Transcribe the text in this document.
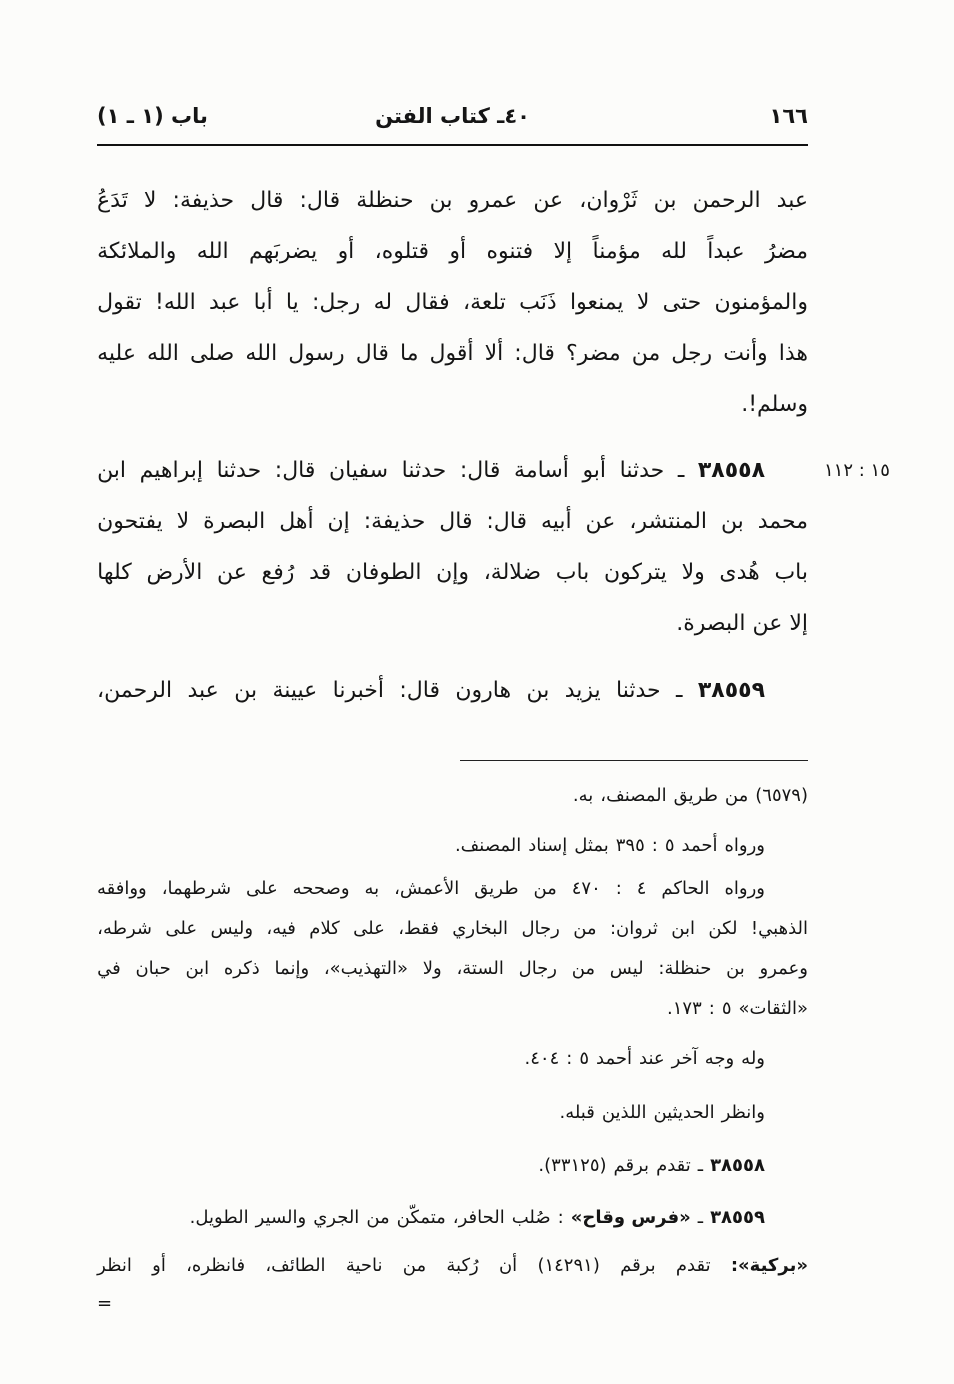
١٦٦
٤٠ـ كتاب الفتن
باب (١ ـ ١)
عبد
الرحمن
بن
ثَرْوان،
عن
عمرو
بن
حنظلة
قال:
قال
حذيفة:
لا
تَدَعُ
مضرُ
عبداً
لله
مؤمناً
إلا
فتنوه
أو
قتلوه،
أو
يضربَهم
الله
والملائكة
والمؤمنون
حتى
لا
يمنعوا
ذَنَب
تلعة،
فقال
له
رجل:
يا
أبا
عبد
الله!
تقول
هذا
وأنت
رجل
من
مضر؟
قال:
ألا
أقول
ما
قال
رسول
الله
صلى
الله
عليه
وسلم!.
١٥ : ١١٢
٣٨٥٥٨
ـ
حدثنا
أبو
أسامة
قال:
حدثنا
سفيان
قال:
حدثنا
إبراهيم
ابن
محمد
بن
المنتشر،
عن
أبيه
قال:
قال
حذيفة:
إن
أهل
البصرة
لا
يفتحون
باب
هُدى
ولا
يتركون
باب
ضلالة،
وإن
الطوفان
قد
رُفع
عن
الأرض
كلها
إلا
عن
البصرة.
٣٨٥٥٩
ـ
حدثنا
يزيد
بن
هارون
قال:
أخبرنا
عيينة
بن
عبد
الرحمن،
(٦٥٧٩)
من
طريق
المصنف،
به.
ورواه
أحمد
٥
:
٣٩٥
بمثل
إسناد
المصنف.
ورواه
الحاكم
٤
:
٤٧٠
من
طريق
الأعمش،
به
وصححه
على
شرطهما،
ووافقه
الذهبي!
لكن
ابن
ثروان:
من
رجال
البخاري
فقط،
على
كلام
فيه،
وليس
على
شرطه،
وعمرو
بن
حنظلة:
ليس
من
رجال
الستة،
ولا
«التهذيب»،
وإنما
ذكره
ابن
حبان
في
«الثقات»
٥
:
١٧٣.
وله
وجه
آخر
عند
أحمد
٥
:
٤٠٤.
وانظر
الحديثين
اللذين
قبله.
٣٨٥٥٨
ـ
تقدم
برقم
(٣٣١٢٥).
٣٨٥٥٩
ـ
«فرس وقاح»
:
صُلب
الحافر،
متمكّن
من
الجري
والسير
الطويل.
«بركية»:
تقدم
برقم
(١٤٢٩١)
أن
رُكبة
من
ناحية
الطائف،
فانظره،
أو
انظر
=
